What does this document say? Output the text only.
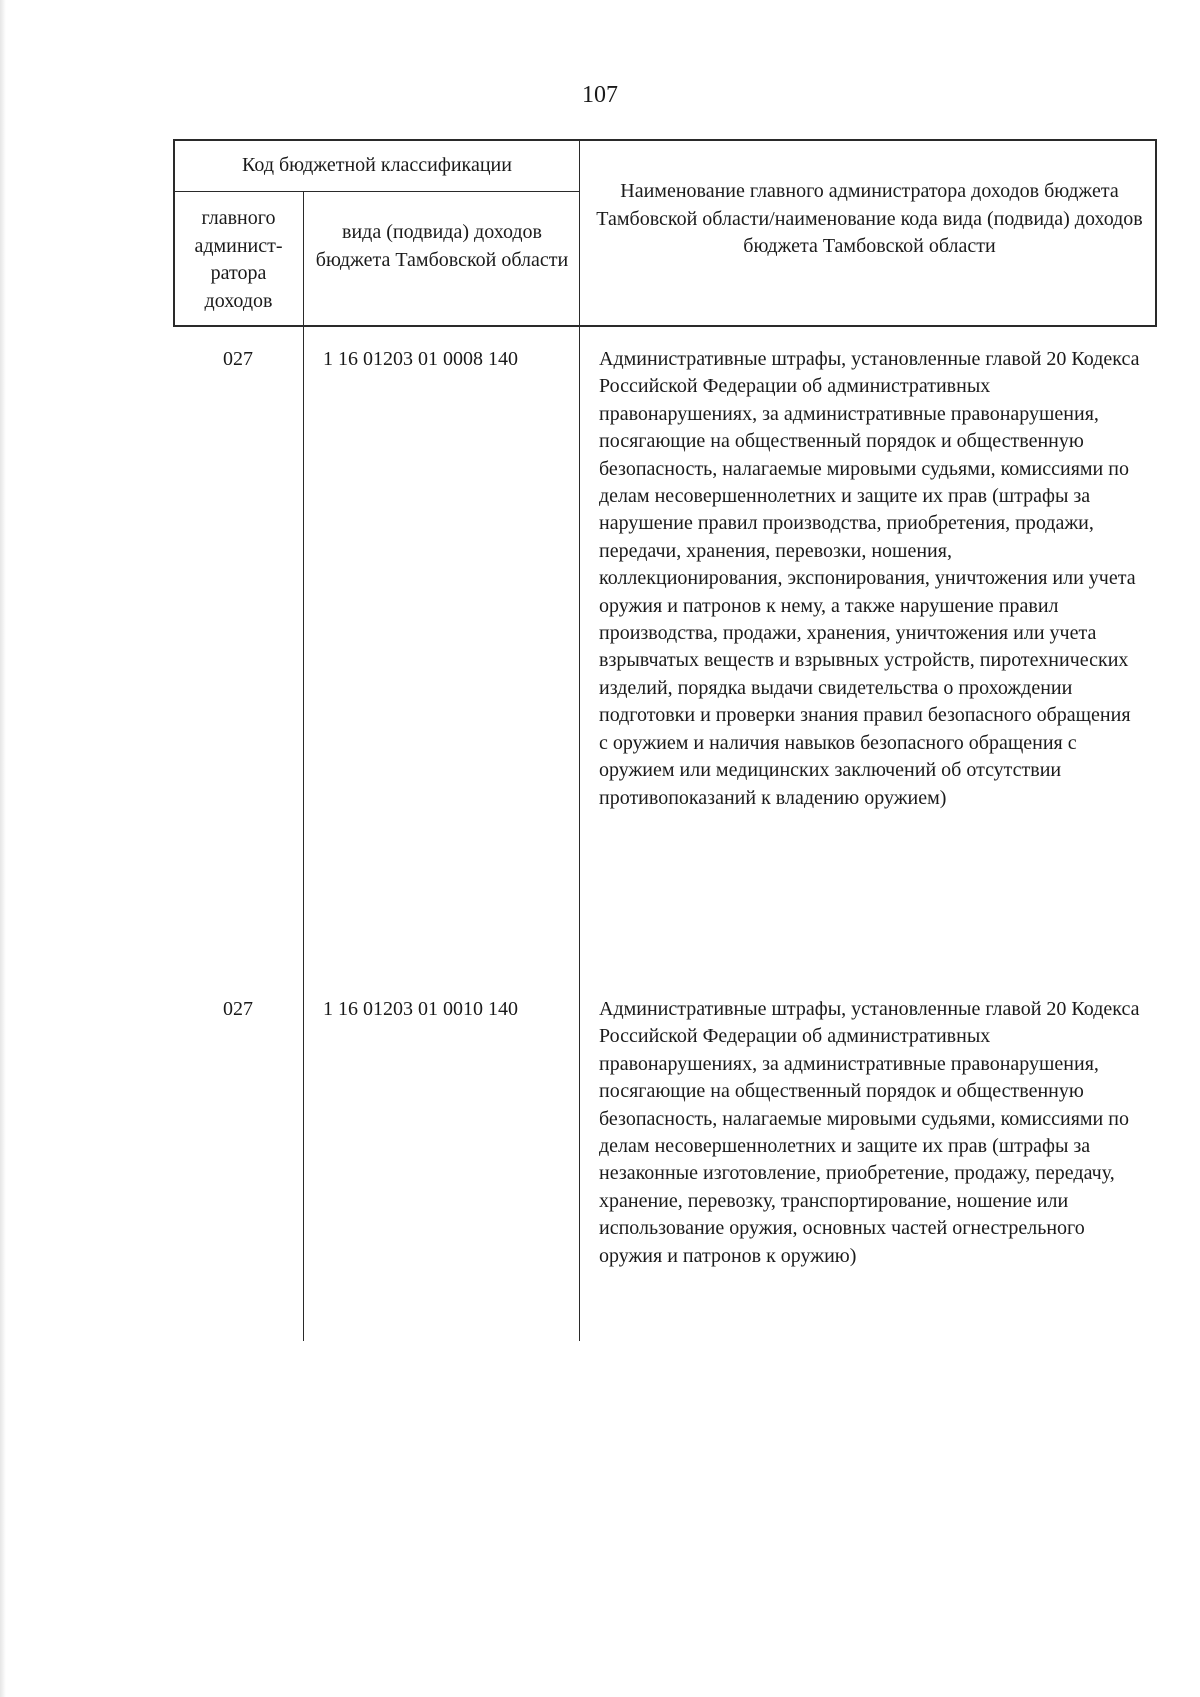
107
Код бюджетной классификации
главного админист-ратора доходов
вида (подвида) доходов бюджета Тамбовской области
Наименование главного администратора доходов бюджета Тамбовской области/наименование кода вида (подвида) доходов бюджета Тамбовской области
027	1 16 01203 01 0008 140	Административные штрафы, установленные главой 20 Кодекса Российской Федерации об административных правонарушениях, за административные правонарушения, посягающие на общественный порядок и общественную безопасность, налагаемые мировыми судьями, комиссиями по делам несовершеннолетних и защите их прав (штрафы за нарушение правил производства, приобретения, продажи, передачи, хранения, перевозки, ношения, коллекционирования, экспонирования, уничтожения или учета оружия и патронов к нему, а также нарушение правил производства, продажи, хранения, уничтожения или учета взрывчатых веществ и взрывных устройств, пиротехнических изделий, порядка выдачи свидетельства о прохождении подготовки и проверки знания правил безопасного обращения с оружием и наличия навыков безопасного обращения с оружием или медицинских заключений об отсутствии противопоказаний к владению оружием)
027	1 16 01203 01 0010 140	Административные штрафы, установленные главой 20 Кодекса Российской Федерации об административных правонарушениях, за административные правонарушения, посягающие на общественный порядок и общественную безопасность, налагаемые мировыми судьями, комиссиями по делам несовершеннолетних и защите их прав (штрафы за незаконные изготовление, приобретение, продажу, передачу, хранение, перевозку, транспортирование, ношение или использование оружия, основных частей огнестрельного оружия и патронов к оружию)
